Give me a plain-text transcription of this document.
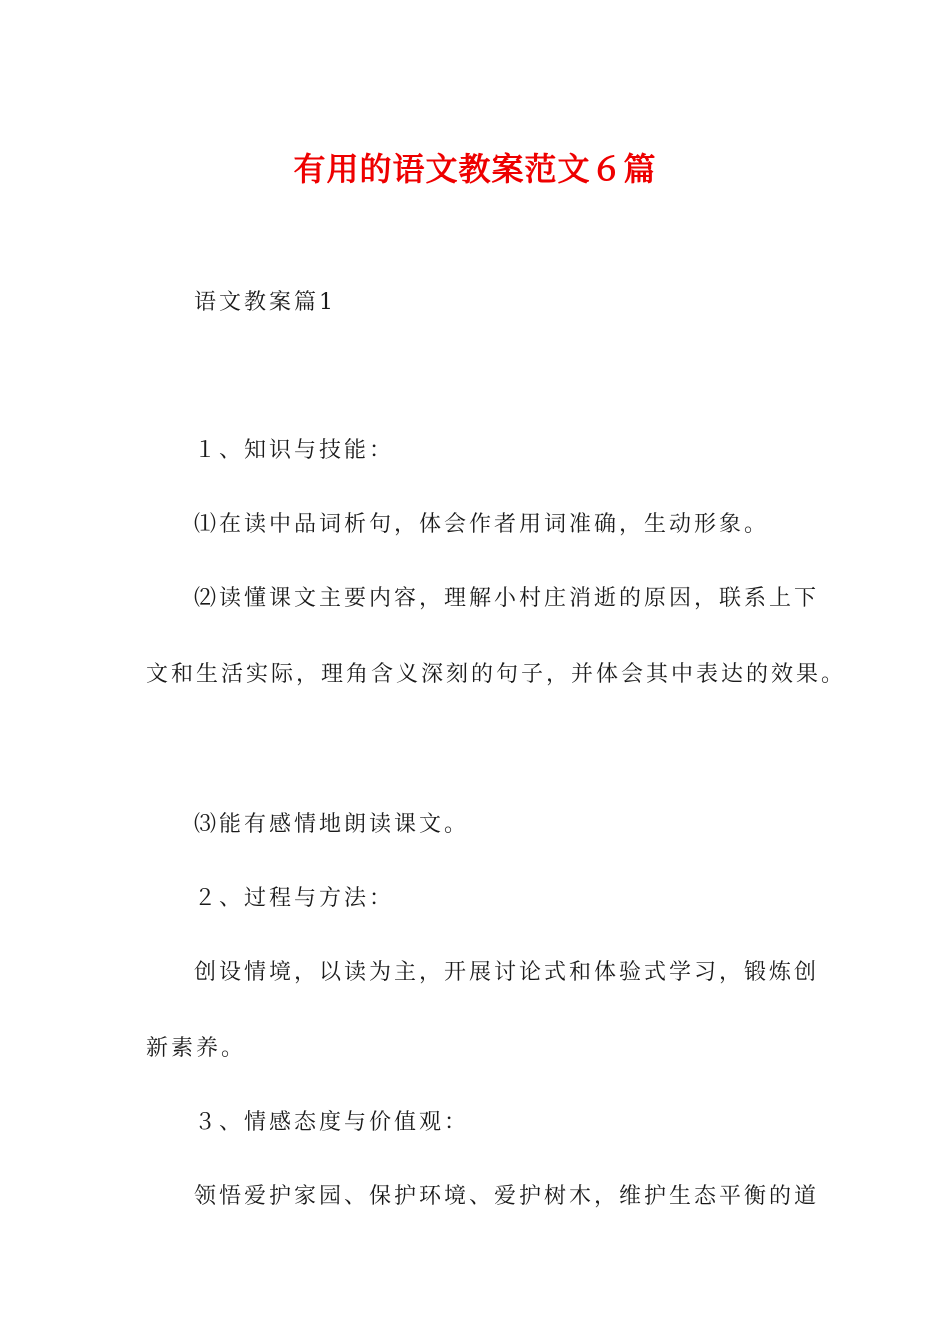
有用的语文教案范文６篇
语文教案篇1
１、知识与技能：
⑴在读中品词析句，体会作者用词准确，生动形象。
⑵读懂课文主要内容，理解小村庄消逝的原因，联系上下
文和生活实际，理角含义深刻的句子，并体会其中表达的效果。
⑶能有感情地朗读课文。
２、过程与方法：
创设情境，以读为主，开展讨论式和体验式学习，锻炼创
新素养。
３、情感态度与价值观：
领悟爱护家园、保护环境、爱护树木，维护生态平衡的道
